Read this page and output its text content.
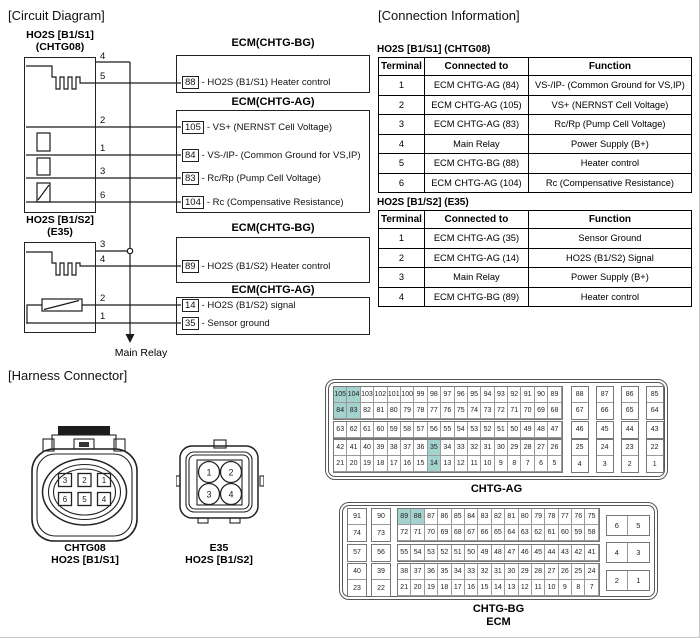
[Circuit Diagram]	[Connection Information]
[Harness Connector]
HO2S [B1/S1]
(CHTG08)
HO2S [B1/S2]
(E35)
4
5
2
1
3
6
3
4
2
1
ECM(CHTG-BG)
ECM(CHTG-AG)
ECM(CHTG-BG)
ECM(CHTG-AG)
88 - HO2S (B1/S1) Heater control
105 - VS+ (NERNST Cell Voltage)
84 - VS-/IP- (Common Ground for VS,IP)
83 - Rc/Rp (Pump Cell Voltage)
104 - Rc (Compensative Resistance)
89 - HO2S (B1/S2) Heater control
14 - HO2S (B1/S2) signal
35 - Sensor ground
Main Relay
HO2S [B1/S1] (CHTG08)
Terminal	Connected to	Function
1	ECM CHTG-AG (84)	VS-/IP- (Common Ground for VS,IP)
2	ECM CHTG-AG (105)	VS+ (NERNST Cell Voltage)
3	ECM CHTG-AG (83)	Rc/Rp (Pump Cell Voltage)
4	Main Relay	Power Supply (B+)
5	ECM CHTG-BG (88)	Heater control
6	ECM CHTG-AG (104)	Rc (Compensative Resistance)
HO2S [B1/S2] (E35)
Terminal	Connected to	Function
1	ECM CHTG-AG (35)	Sensor Ground
2	ECM CHTG-AG (14)	HO2S (B1/S2) Signal
3	Main Relay	Power Supply (B+)
4	ECM CHTG-BG (89)	Heater control
3 2 1
6 5 4
1 2
3 4
CHTG08
HO2S [B1/S1]
E35
HO2S [B1/S2]
105 104 103 102 101 100 99 98 97 96 95 94 93 92 91 90 89
84 83 82 81 80 79 78 77 76 75 74 73 72 71 70 69 68
88
67
87
66
86
65
85
64
63 62 61 60 59 58 57 56 55 54 53 52 51 50 49 48 47	46	45	44	43
42 41 40 39 38 37 36 35 34 33 32 31 30 29 28 27 26
21 20 19 18 17 16 15 14 13 12 11 10	9	8	7	6	5
25
4
24
3
23
2
22
1
CHTG-AG
91
74
90
73
89 88 87 86 85 84 83 82 81 80 79 78 77 76 75
72 71 70 69 68 67 66 65 64 63 62 61 60 59 58
6	5
57	56	55 54 53 52 51 50 49 48 47 46 45 44 43 42 41	4	3
40
23
39
22
38 37 36 35 34 33 32 31 30 29 28 27 26 25 24
21 20 19 18 17 16 15 14 13 12 11 10	9	8	7
2	1
CHTG-BG
ECM
